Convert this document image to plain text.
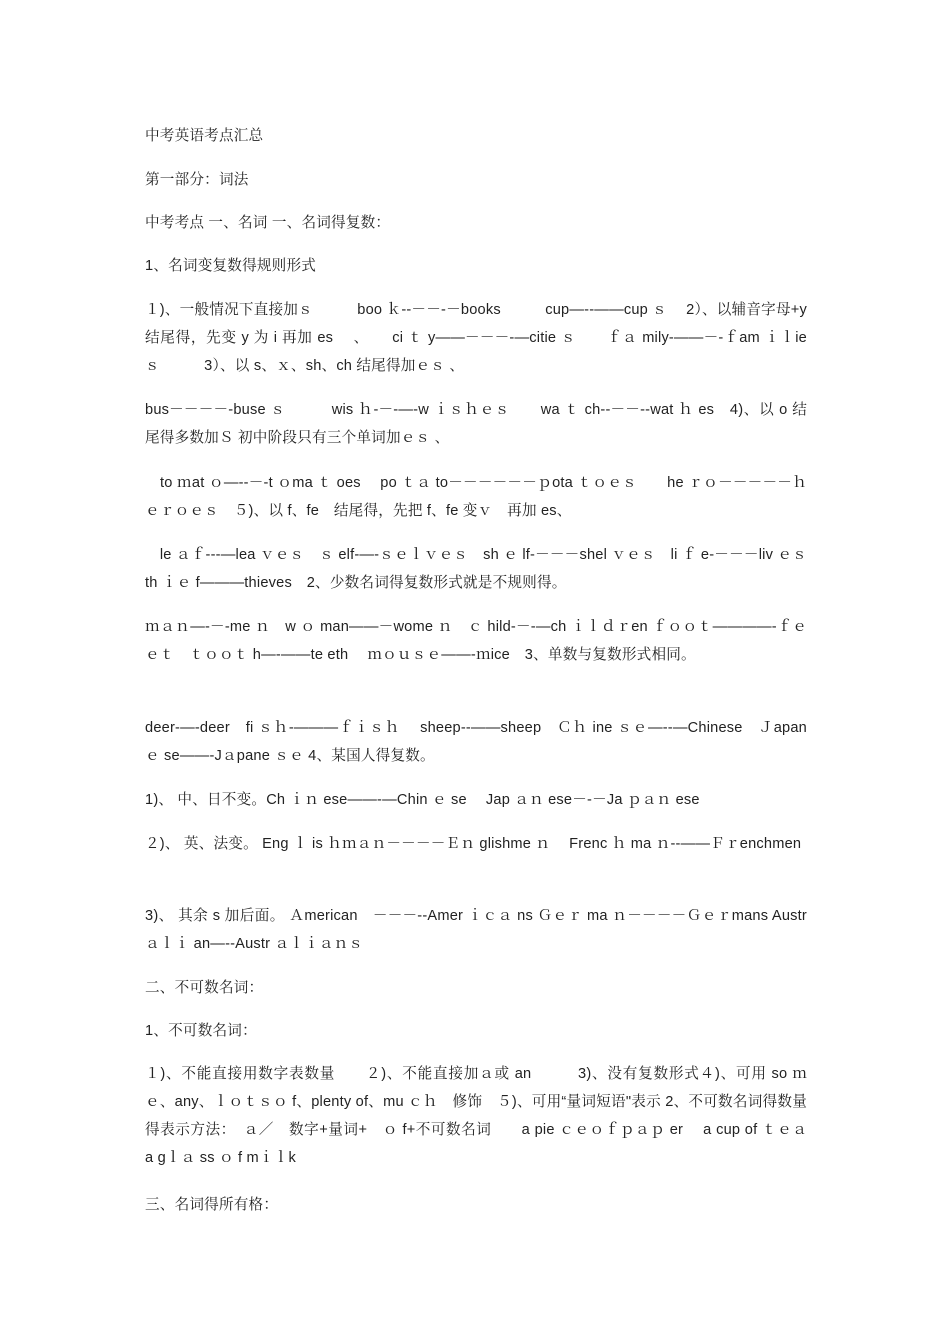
中考英语考点汇总
第一部分：词法
中考考点 一、名词 一、名词得复数：
1、名词变复数得规则形式
１)、一般情况下直接加ｓ　　　boo ｋ--－－-－books　　　cup—--——cup ｓ　 2）、以辅音字母+y 结尾得，先变 y 为 i 再加 es　 、　　ci ｔ y——－－－-—citie ｓ　　ｆａ mily-——－-ｆam ｉｌie ｓ　　　3）、以 s、ｘ、sh、ch 结尾得加ｅｓ 、
bus－－－－-buse ｓ　　　wis ｈ-－-—-w ｉｓｈｅｓ　　wa ｔ ch--－－--wat ｈ es　4)、以 o 结尾得多数加Ｓ 初中阶段只有三个单词加ｅｓ 、
　to ｍat ｏ—--－-t ｏma ｔ oes　 po ｔａ to－－－－－－ｐota ｔｏｅｓ　　he ｒｏ－－－－－ｈｅｒｏｅｓ　５)、以 f、fe　结尾得，先把 f、fe 变ｖ　再加 es、
　le ａｆ---—lea ｖｅｓ　ｓ elf-—-ｓｅｌｖｅｓ　sh ｅ lf-－－－shel ｖｅｓ　li ｆ e-－－－liv ｅｓ　　th ｉｅ f———thieves　2、少数名词得复数形式就是不规则得。
ｍａｎ—-－-me ｎ　w ｏ man——－wome ｎ　ｃ hild-－-—ch ｉｌｄｒen ｆｏｏｔ————-ｆｅｅｔ　ｔｏｏｔ h—-——te eth　 ｍｏｕｓｅ——-ｍice　3、单数与复数形式相同。
deer-—-deer　fi ｓｈ-———ｆｉｓｈ　 sheep--——sheep　Ｃｈ ine ｓｅ—--—Chinese　Ｊapan ｅ se——-Jａpane ｓｅ 4、某国人得复数。
1)、 中、日不变。Ch ｉｎ ese——-—Chin ｅ se　 Jap ａｎ ese－-－Ja ｐａｎ ese
２)、 英、法变。 Eng ｌ is ｈｍａｎ－－－－Ｅｎ glishme ｎ　 Frenc ｈ ma ｎ--——Ｆｒenchmen
3)、 其余 s 加后面。 Ａmerican　－－－--Amer ｉｃａ ns Ｇｅｒ ma ｎ－－－－Ｇｅｒmans Austr ａｌｉ an—--Austr ａｌｉａｎｓ
二、不可数名词：
1、不可数名词：
１)、不能直接用数字表数量　　２)、不能直接加ａ或 an　　　3)、没有复数形式４)、可用 so ｍｅ、any、ｌｏｔｓｏ f、plenty of、mu ｃｈ　修饰　５)、可用“量词短语"表示 2、不可数名词得数量得表示方法：　ａ／　数字+量词+　ｏ f+不可数名词　　a pie ｃｅｏｆｐａｐ er　 a cup of ｔｅａ　 a gｌａ ss ｏ f mｉｌk
三、名词得所有格：
